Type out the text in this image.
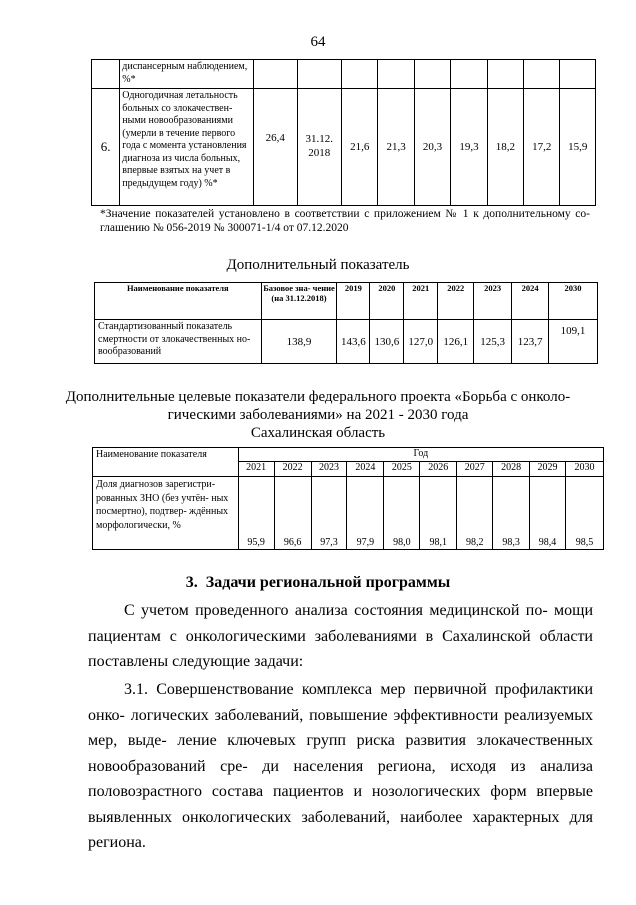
64
	диспансерным наблюдением, %*									
6.	Одногодичная летальность больных со злокачествен- ными новообразованиями (умерли в течение первого года с момента установления диагноза из числа больных, впервые взятых на учет в предыдущем году) %*	26,4	31.12. 2018	21,6	21,3	20,3	19,3	18,2	17,2	15,9
*Значение показателей установлено в соответствии с приложением № 1 к дополнительному со- глашению № 056-2019 № 300071-1/4 от 07.12.2020
Дополнительный показатель
Наименование показателя	Базовое зна- чение (на 31.12.2018)	2019	2020	2021	2022	2023	2024	2030
Стандартизованный показатель смертности от злокачественных но- вообразований	138,9	143,6	130,6	127,0	126,1	125,3	123,7	109,1
Дополнительные целевые показатели федерального проекта «Борьба с онколо-
гическими заболеваниями» на 2021 - 2030 года
Сахалинская область
Наименование показателя	Год									
	2021	2022	2023	2024	2025	2026	2027	2028	2029	2030
Доля диагнозов зарегистри- рованных ЗНО (без учтён- ных посмертно), подтвер- ждённых морфологически, %	95,9	96,6	97,3	97,9	98,0	98,1	98,2	98,3	98,4	98,5
3.  Задачи региональной программы
С учетом проведенного анализа состояния медицинской по- мощи пациентам с онкологическими заболеваниями в Сахалинской области поставлены следующие задачи:
3.1. Совершенствование комплекса мер первичной профилактики онко- логических заболеваний, повышение эффективности реализуемых мер, выде- ление ключевых групп риска развития злокачественных новообразований сре- ди населения региона, исходя из анализа половозрастного состава пациентов и нозологических форм впервые выявленных онкологических заболеваний, наиболее характерных для региона.
